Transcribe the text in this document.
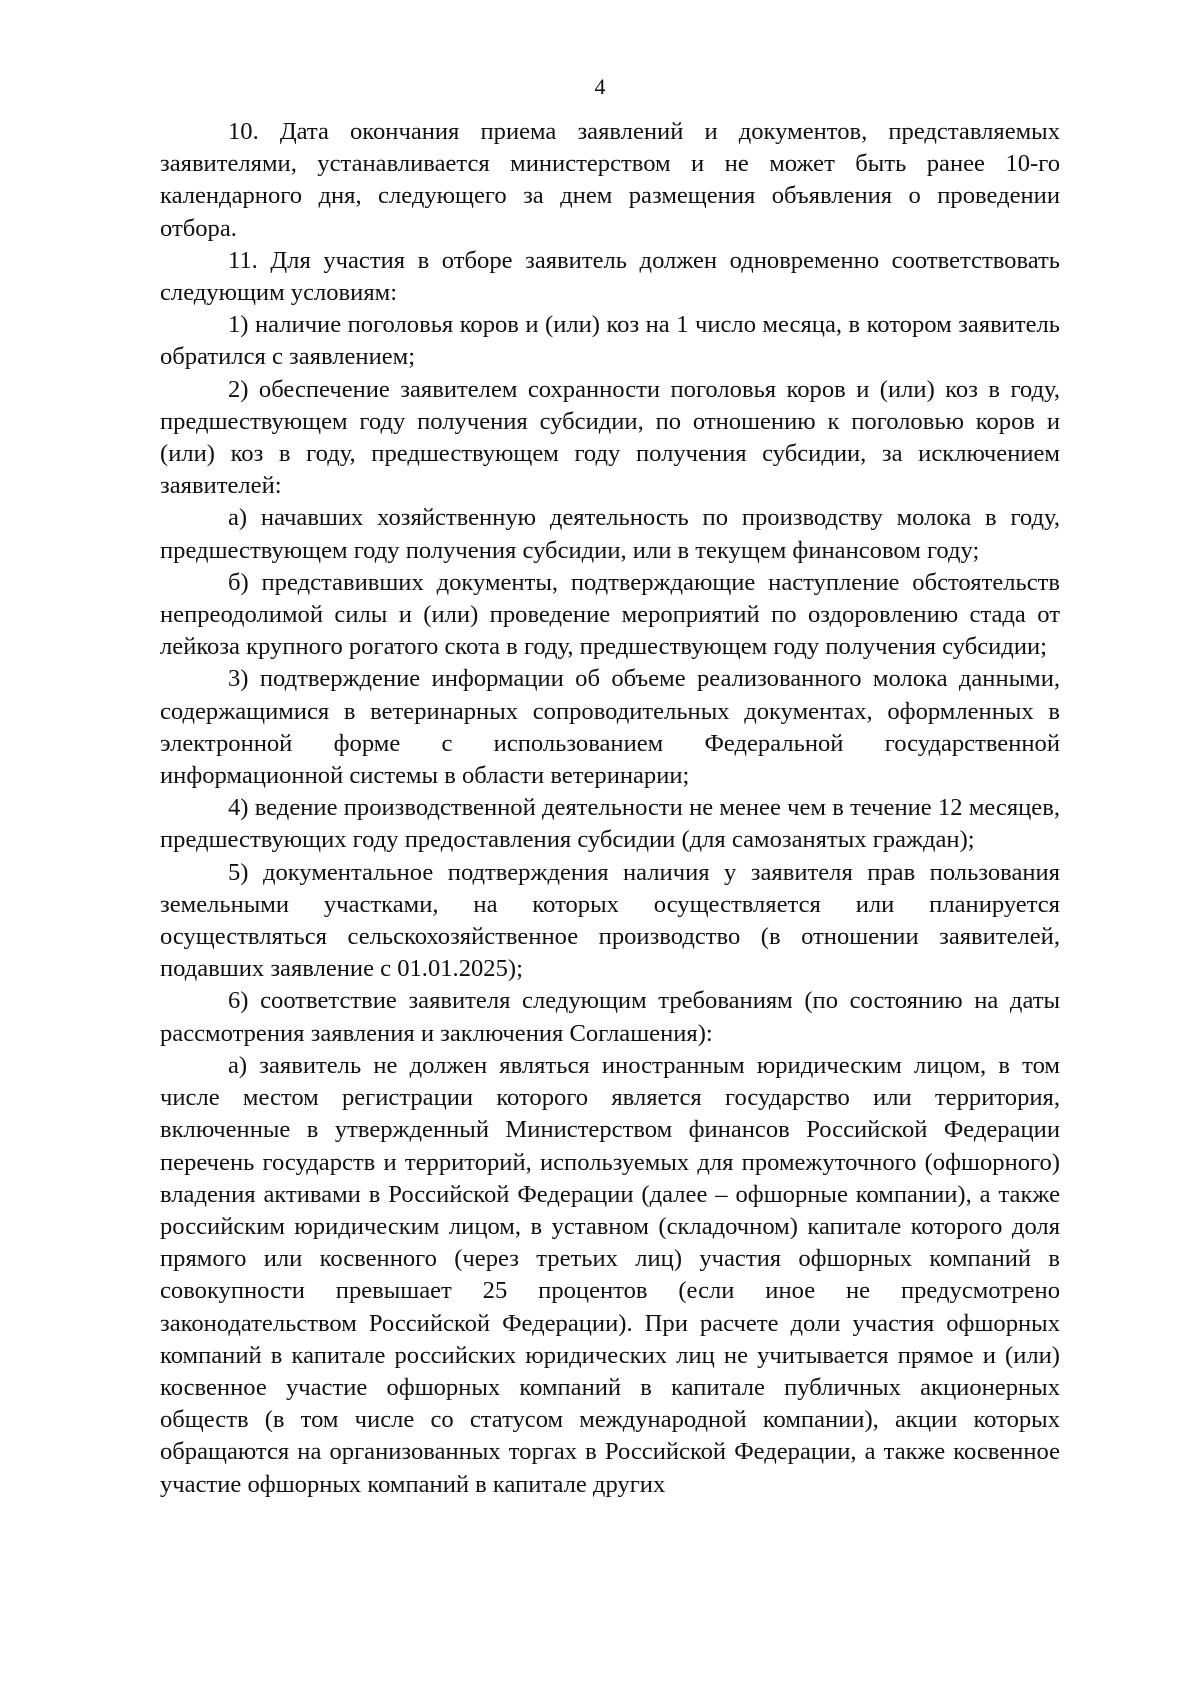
4

10. Дата окончания приема заявлений и документов, представляемых заявителями, устанавливается министерством и не может быть ранее 10-го календарного дня, следующего за днем размещения объявления о проведении отбора.

11. Для участия в отборе заявитель должен одновременно соответствовать следующим условиям:

1) наличие поголовья коров и (или) коз на 1 число месяца, в котором заявитель обратился с заявлением;

2) обеспечение заявителем сохранности поголовья коров и (или) коз в году, предшествующем году получения субсидии, по отношению к поголовью коров и (или) коз в году, предшествующем году получения субсидии, за исключением заявителей:

а) начавших хозяйственную деятельность по производству молока в году, предшествующем году получения субсидии, или в текущем финансовом году;

б) представивших документы, подтверждающие наступление обстоятельств непреодолимой силы и (или) проведение мероприятий по оздоровлению стада от лейкоза крупного рогатого скота в году, предшествующем году получения субсидии;

3) подтверждение информации об объеме реализованного молока данными, содержащимися в ветеринарных сопроводительных документах, оформленных в электронной форме с использованием Федеральной государственной информационной системы в области ветеринарии;

4) ведение производственной деятельности не менее чем в течение 12 месяцев, предшествующих году предоставления субсидии (для самозанятых граждан);

5) документальное подтверждения наличия у заявителя прав пользования земельными участками, на которых осуществляется или планируется осуществляться сельскохозяйственное производство (в отношении заявителей, подавших заявление с 01.01.2025);

6) соответствие заявителя следующим требованиям (по состоянию на даты рассмотрения заявления и заключения Соглашения):

а) заявитель не должен являться иностранным юридическим лицом, в том числе местом регистрации которого является государство или территория, включенные в утвержденный Министерством финансов Российской Федерации перечень государств и территорий, используемых для промежуточного (офшорного) владения активами в Российской Федерации (далее – офшорные компании), а также российским юридическим лицом, в уставном (складочном) капитале которого доля прямого или косвенного (через третьих лиц) участия офшорных компаний в совокупности превышает 25 процентов (если иное не предусмотрено законодательством Российской Федерации). При расчете доли участия офшорных компаний в капитале российских юридических лиц не учитывается прямое и (или) косвенное участие офшорных компаний в капитале публичных акционерных обществ (в том числе со статусом международной компании), акции которых обращаются на организованных торгах в Российской Федерации, а также косвенное участие офшорных компаний в капитале других
